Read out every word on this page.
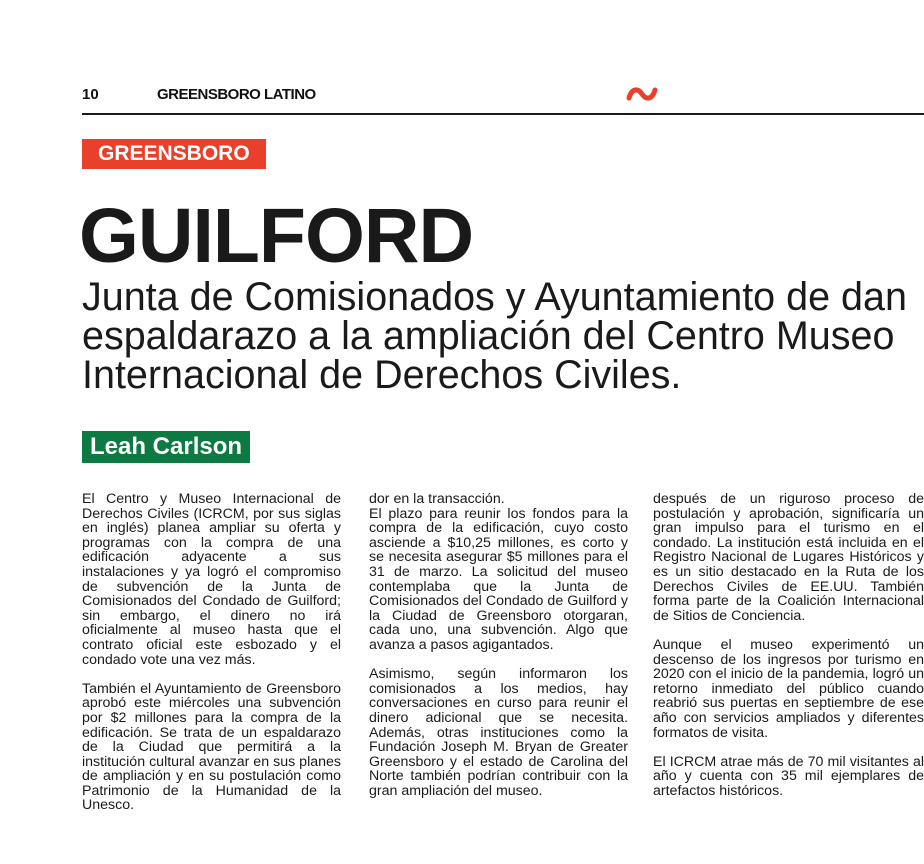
10	GREENSBORO LATINO
GREENSBORO
GUILFORD
Junta de Comisionados y Ayuntamiento de dan espaldarazo a la ampliación del Centro Museo Internacional de Derechos Civiles.
Leah Carlson

El Centro y Museo Internacional de Derechos Civiles (ICRCM, por sus siglas en inglés) planea ampliar su oferta y programas con la compra de una edificación adyacente a sus instalaciones y ya logró el compromiso de subvención de la Junta de Comisionados del Condado de Guilford; sin embargo, el dinero no irá oficialmente al museo hasta que el contrato oficial este esbozado y el condado vote una vez más.

También el Ayuntamiento de Greensboro aprobó este miércoles una subvención por $2 millones para la compra de la edificación. Se trata de un espaldarazo de la Ciudad que permitirá a la institución cultural avanzar en sus planes de ampliación y en su postulación como Patrimonio de la Humanidad de la Unesco.

dor en la transacción.
El plazo para reunir los fondos para la compra de la edificación, cuyo costo asciende a $10,25 millones, es corto y se necesita asegurar $5 millones para el 31 de marzo. La solicitud del museo contemplaba que la Junta de Comisionados del Condado de Guilford y la Ciudad de Greensboro otorgaran, cada uno, una subvención. Algo que avanza a pasos agigantados.

Asimismo, según informaron los comisionados a los medios, hay conversaciones en curso para reunir el dinero adicional que se necesita. Además, otras instituciones como la Fundación Joseph M. Bryan de Greater Greensboro y el estado de Carolina del Norte también podrían contribuir con la gran ampliación del museo.

después de un riguroso proceso de postulación y aprobación, significaría un gran impulso para el turismo en el condado. La institución está incluida en el Registro Nacional de Lugares Históricos y es un sitio destacado en la Ruta de los Derechos Civiles de EE.UU. También forma parte de la Coalición Internacional de Sitios de Conciencia.

Aunque el museo experimentó un descenso de los ingresos por turismo en 2020 con el inicio de la pandemia, logró un retorno inmediato del público cuando reabrió sus puertas en septiembre de ese año con servicios ampliados y diferentes formatos de visita.

El ICRCM atrae más de 70 mil visitantes al año y cuenta con 35 mil ejemplares de artefactos históricos.
